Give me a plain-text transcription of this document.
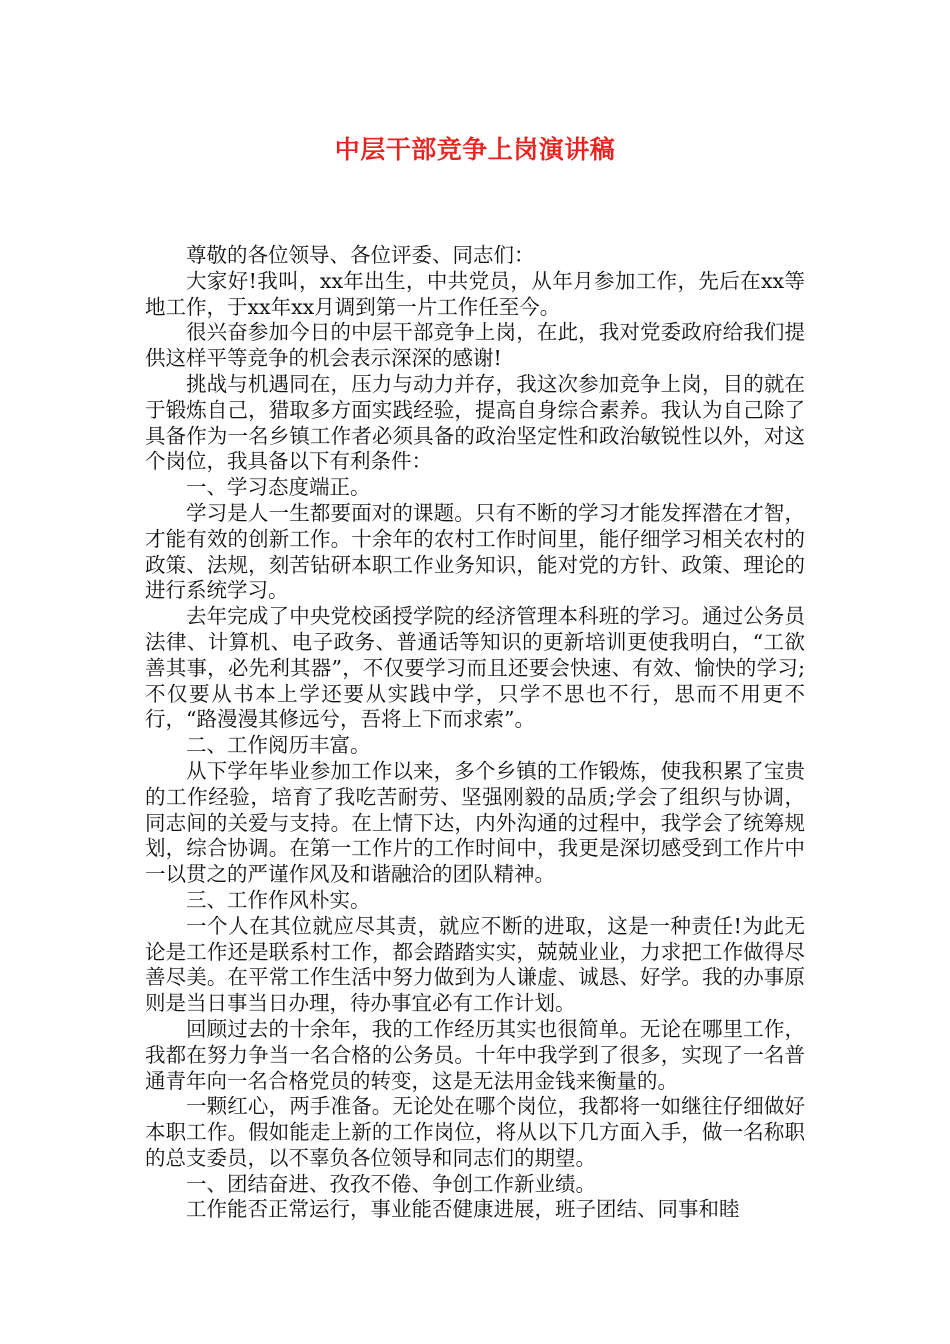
中层干部竞争上岗演讲稿

尊敬的各位领导、各位评委、同志们：

大家好!我叫，xx年出生，中共党员，从年月参加工作，先后在xx等地工作，于xx年xx月调到第一片工作任至今。

很兴奋参加今日的中层干部竞争上岗，在此，我对党委政府给我们提供这样平等竞争的机会表示深深的感谢!

挑战与机遇同在，压力与动力并存，我这次参加竞争上岗，目的就在于锻炼自己，猎取多方面实践经验，提高自身综合素养。我认为自己除了具备作为一名乡镇工作者必须具备的政治坚定性和政治敏锐性以外，对这个岗位，我具备以下有利条件：

一、学习态度端正。

学习是人一生都要面对的课题。只有不断的学习才能发挥潜在才智，才能有效的创新工作。十余年的农村工作时间里，能仔细学习相关农村的政策、法规，刻苦钻研本职工作业务知识，能对党的方针、政策、理论的进行系统学习。

去年完成了中央党校函授学院的经济管理本科班的学习。通过公务员法律、计算机、电子政务、普通话等知识的更新培训更使我明白，“工欲善其事，必先利其器”，不仅要学习而且还要会快速、有效、愉快的学习;不仅要从书本上学还要从实践中学，只学不思也不行，思而不用更不行，“路漫漫其修远兮，吾将上下而求索”。

二、工作阅历丰富。

从下学年毕业参加工作以来，多个乡镇的工作锻炼，使我积累了宝贵的工作经验，培育了我吃苦耐劳、坚强刚毅的品质;学会了组织与协调，同志间的关爱与支持。在上情下达，内外沟通的过程中，我学会了统筹规划，综合协调。在第一工作片的工作时间中，我更是深切感受到工作片中一以贯之的严谨作风及和谐融洽的团队精神。

三、工作作风朴实。

一个人在其位就应尽其责，就应不断的进取，这是一种责任!为此无论是工作还是联系村工作，都会踏踏实实，兢兢业业，力求把工作做得尽善尽美。在平常工作生活中努力做到为人谦虚、诚恳、好学。我的办事原则是当日事当日办理，待办事宜必有工作计划。

回顾过去的十余年，我的工作经历其实也很简单。无论在哪里工作，我都在努力争当一名合格的公务员。十年中我学到了很多，实现了一名普通青年向一名合格党员的转变，这是无法用金钱来衡量的。

一颗红心，两手准备。无论处在哪个岗位，我都将一如继往仔细做好本职工作。假如能走上新的工作岗位，将从以下几方面入手，做一名称职的总支委员，以不辜负各位领导和同志们的期望。

一、团结奋进、孜孜不倦、争创工作新业绩。

工作能否正常运行，事业能否健康进展，班子团结、同事和睦
